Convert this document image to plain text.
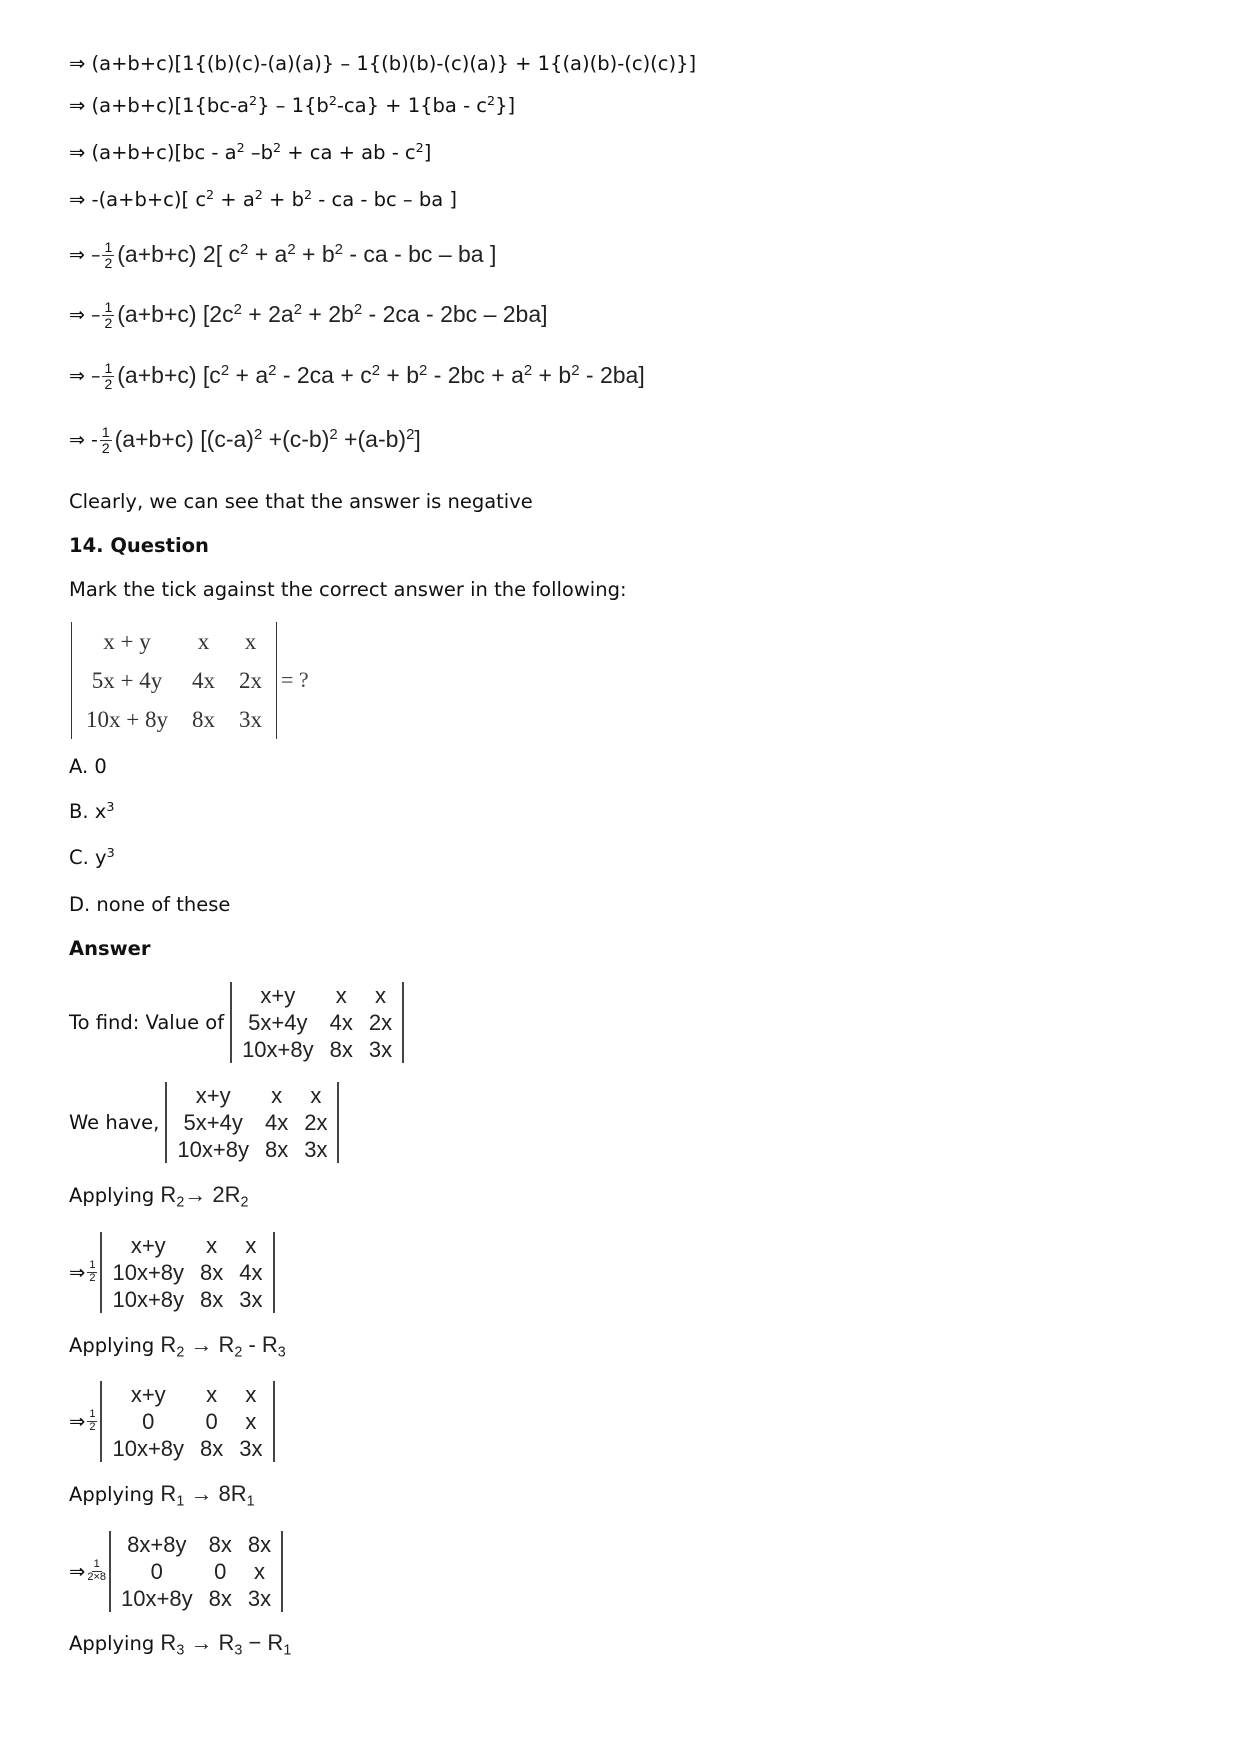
⇒ (a+b+c)[1{(b)(c)-(a)(a)} – 1{(b)(b)-(c)(a)} + 1{(a)(b)-(c)(c)}]
⇒ $(a+b+c)[1\{bc-a^2\} - 1\{b^2-ca\} + 1\{ba - c^2\}]$
⇒ $(a+b+c)[bc - a^2$ $-b^2$ + ca + ab - $c^2$]
⇒ -(a+b+c)[ $c^2 + a^2 + b^2$ - ca - bc – ba ]
⇒ – $\frac{1}{2} (a+b+c)$ 2[ $c^2 + a^2 + b^2$ - ca - bc – ba ]
⇒ – $\frac{1}{2} (a+b+c) [2c^2 + 2a^2 + 2b^2 - 2ca - 2bc - 2ba]$
⇒ – $\frac{1}{2} (a+b+c) [c^2 + a^2 - 2ca + c^2 + b^2 - 2bc + a^2 + b^2 - 2ba]$
⇒ - $\frac{1}{2} (a+b+c)$ $[(c-a)^2 +(c-b)^2 +(a-b)^2]$
Clearly, we can see that the answer is negative
14. Question
Mark the tick against the correct answer in the following:
x + y	x	x
5x + 4y	4x	2x
10x + 8y	8x	3x
= ?
A. 0
B. $x^3$
C. $y^3$
D. none of these
Answer
To find: Value of
x+y	x	x
5x+4y	4x	2x
10x+8y	8x	3x
We have,
x+y	x	x
5x+4y	4x	2x
10x+8y	8x	3x
Applying $R_2\to 2R_2$
⇒ $\frac{1}{2}$
x+y	x	x
10x+8y	8x	4x
10x+8y	8x	3x
Applying $R_2 \to R_2 - R_3$
⇒ $\frac{1}{2}$
x+y	x	x
0	0	x
10x+8y	8x	3x
Applying $R_1 \to 8R_1$
⇒ $\frac{1}{2\times 8}$
8x+8y	8x	8x
0	0	x
10x+8y	8x	3x
Applying $R_3 \to R_3 - R_1$
